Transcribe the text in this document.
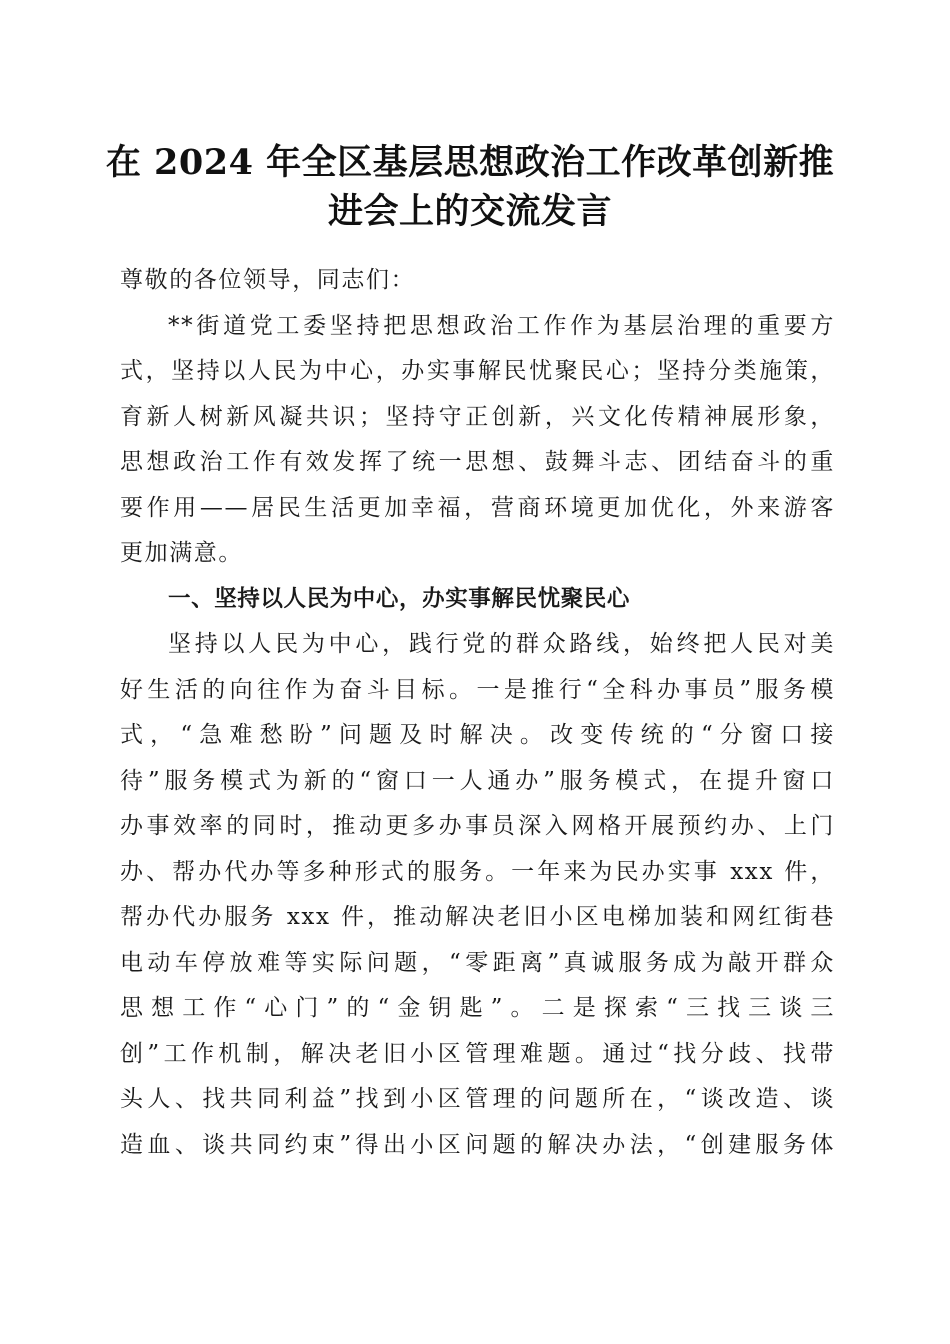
在 2024 年全区基层思想政治工作改革创新推
进会上的交流发言
尊敬的各位领导，同志们：
**街道党工委坚持把思想政治工作作为基层治理的重要方
式，坚持以人民为中心，办实事解民忧聚民心；坚持分类施策，
育新人树新风凝共识；坚持守正创新，兴文化传精神展形象，
思想政治工作有效发挥了统一思想、鼓舞斗志、团结奋斗的重
要作用——居民生活更加幸福，营商环境更加优化，外来游客
更加满意。
一、坚持以人民为中心，办实事解民忧聚民心
坚持以人民为中心，践行党的群众路线，始终把人民对美
好生活的向往作为奋斗目标。一是推行“全科办事员”服务模
式，“急难愁盼”问题及时解决。改变传统的“分窗口接
待”服务模式为新的“窗口一人通办”服务模式，在提升窗口
办事效率的同时，推动更多办事员深入网格开展预约办、上门
办、帮办代办等多种形式的服务。一年来为民办实事 xxx 件，
帮办代办服务 xxx 件，推动解决老旧小区电梯加装和网红街巷
电动车停放难等实际问题，“零距离”真诚服务成为敲开群众
思想工作“心门”的“金钥匙”。二是探索“三找三谈三
创”工作机制，解决老旧小区管理难题。通过“找分歧、找带
头人、找共同利益”找到小区管理的问题所在，“谈改造、谈
造血、谈共同约束”得出小区问题的解决办法，“创建服务体
